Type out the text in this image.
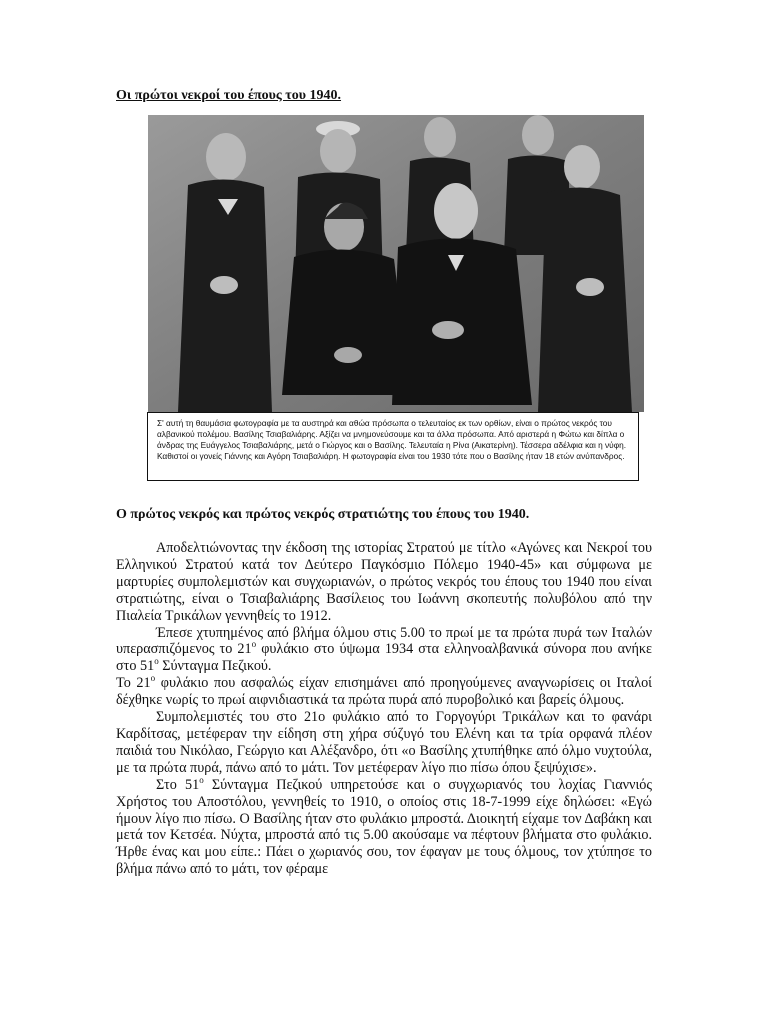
Οι πρώτοι νεκροί του έπους του 1940.
Σ' αυτή τη θαυμάσια φωτογραφία με τα αυστηρά και αθώα πρόσωπα ο τελευταίος εκ των ορθίων, είναι ο πρώτος νεκρός του αλβανικού πολέμου. Βασίλης Τσιαβαλιάρης. Αξίζει να μνημονεύσουμε και τα άλλα πρόσωπα. Από αριστερά η Φώτω και δίπλα ο άνδρας της Ευάγγελος Τσιαβαλιάρης, μετά ο Γιώργος και ο Βασίλης. Τελευταία η Ρίνα (Αικατερίνη). Τέσσερα αδέλφια και η νύφη. Καθιστοί οι γονείς Γιάννης και Αγόρη Τσιαβαλιάρη. Η φωτογραφία είναι του 1930 τότε που ο Βασίλης ήταν 18 ετών ανύπανδρος.
Ο πρώτος νεκρός και πρώτος νεκρός στρατιώτης του έπους του 1940.

Αποδελτιώνοντας την έκδοση της ιστορίας Στρατού με τίτλο «Αγώνες και Νεκροί του Ελληνικού Στρατού κατά τον Δεύτερο Παγκόσμιο Πόλεμο 1940-45» και σύμφωνα με μαρτυρίες συμπολεμιστών και συγχωριανών, ο πρώτος νεκρός του έπους του 1940 που είναι στρατιώτης, είναι ο Τσιαβαλιάρης Βασίλειος του Ιωάννη σκοπευτής πολυβόλου από την Πιαλεία Τρικάλων γεννηθείς το 1912.

Έπεσε χτυπημένος από βλήμα όλμου στις 5.00 το πρωί με τα πρώτα πυρά των Ιταλών υπερασπιζόμενος το $21^o$ φυλάκιο στο ύψωμα 1934 στα ελληνοαλβανικά σύνορα που ανήκε στο $51^o$ Σύνταγμα Πεζικού.

Το $21^o$ φυλάκιο που ασφαλώς είχαν επισημάνει από προηγούμενες αναγνωρίσεις οι Ιταλοί δέχθηκε νωρίς το πρωί αιφνιδιαστικά τα πρώτα πυρά από πυροβολικό και βαρείς όλμους.

Συμπολεμιστές του στο 21ο φυλάκιο από το Γοργογύρι Τρικάλων και το φανάρι Καρδίτσας, μετέφεραν την είδηση στη χήρα σύζυγό του Ελένη και τα τρία ορφανά πλέον παιδιά του Νικόλαο, Γεώργιο και Αλέξανδρο, ότι «ο Βασίλης χτυπήθηκε από όλμο νυχτούλα, με τα πρώτα πυρά, πάνω από το μάτι. Τον μετέφεραν λίγο πιο πίσω όπου ξεψύχισε».

Στο $51^o$ Σύνταγμα Πεζικού υπηρετούσε και ο συγχωριανός του λοχίας Γιαννιός Χρήστος του Αποστόλου, γεννηθείς το 1910, ο οποίος στις 18-7-1999 είχε δηλώσει: «Εγώ ήμουν λίγο πιο πίσω. Ο Βασίλης ήταν στο φυλάκιο μπροστά. Διοικητή είχαμε τον Δαβάκη και μετά τον Κετσέα. Νύχτα, μπροστά από τις 5.00 ακούσαμε να πέφτουν βλήματα στο φυλάκιο. Ήρθε ένας και μου είπε.: Πάει ο χωριανός σου, τον έφαγαν με τους όλμους, τον χτύπησε το βλήμα πάνω από το μάτι, τον φέραμε
